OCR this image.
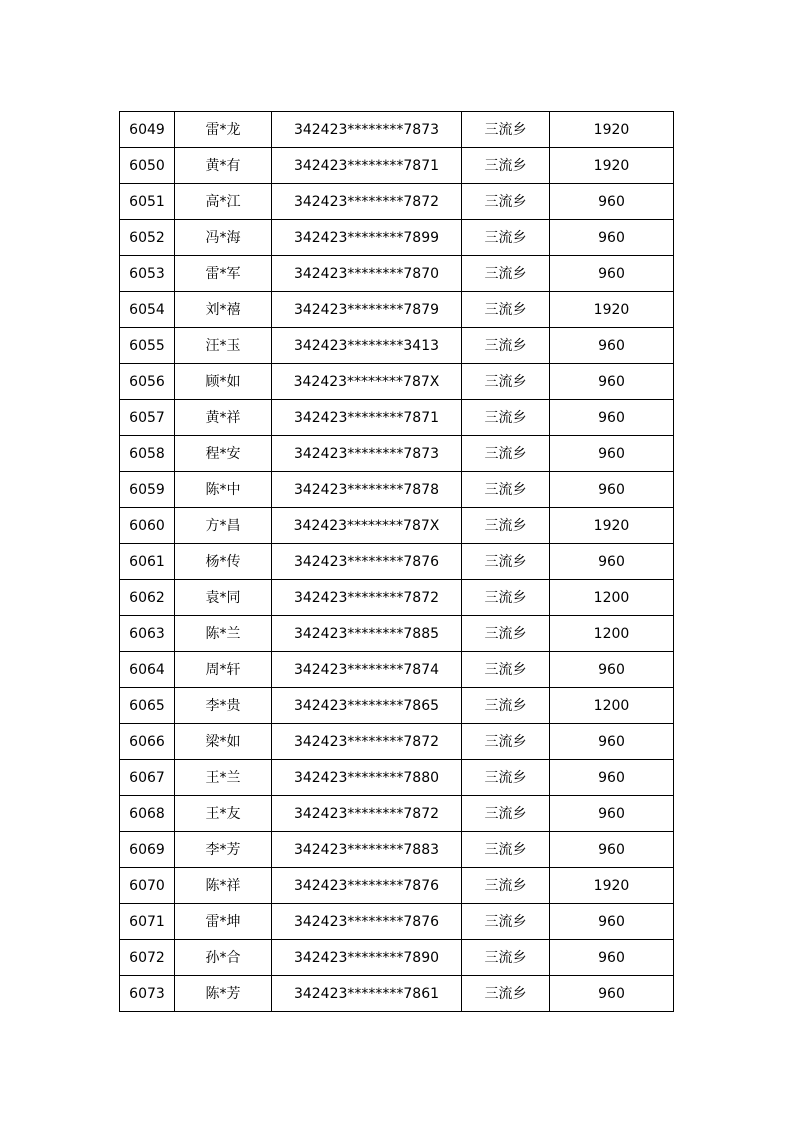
6049	雷*龙	342423********7873	三流乡	1920
6050	黄*有	342423********7871	三流乡	1920
6051	高*江	342423********7872	三流乡	960
6052	冯*海	342423********7899	三流乡	960
6053	雷*军	342423********7870	三流乡	960
6054	刘*禧	342423********7879	三流乡	1920
6055	汪*玉	342423********3413	三流乡	960
6056	顾*如	342423********787X	三流乡	960
6057	黄*祥	342423********7871	三流乡	960
6058	程*安	342423********7873	三流乡	960
6059	陈*中	342423********7878	三流乡	960
6060	方*昌	342423********787X	三流乡	1920
6061	杨*传	342423********7876	三流乡	960
6062	袁*同	342423********7872	三流乡	1200
6063	陈*兰	342423********7885	三流乡	1200
6064	周*轩	342423********7874	三流乡	960
6065	李*贵	342423********7865	三流乡	1200
6066	梁*如	342423********7872	三流乡	960
6067	王*兰	342423********7880	三流乡	960
6068	王*友	342423********7872	三流乡	960
6069	李*芳	342423********7883	三流乡	960
6070	陈*祥	342423********7876	三流乡	1920
6071	雷*坤	342423********7876	三流乡	960
6072	孙*合	342423********7890	三流乡	960
6073	陈*芳	342423********7861	三流乡	960
